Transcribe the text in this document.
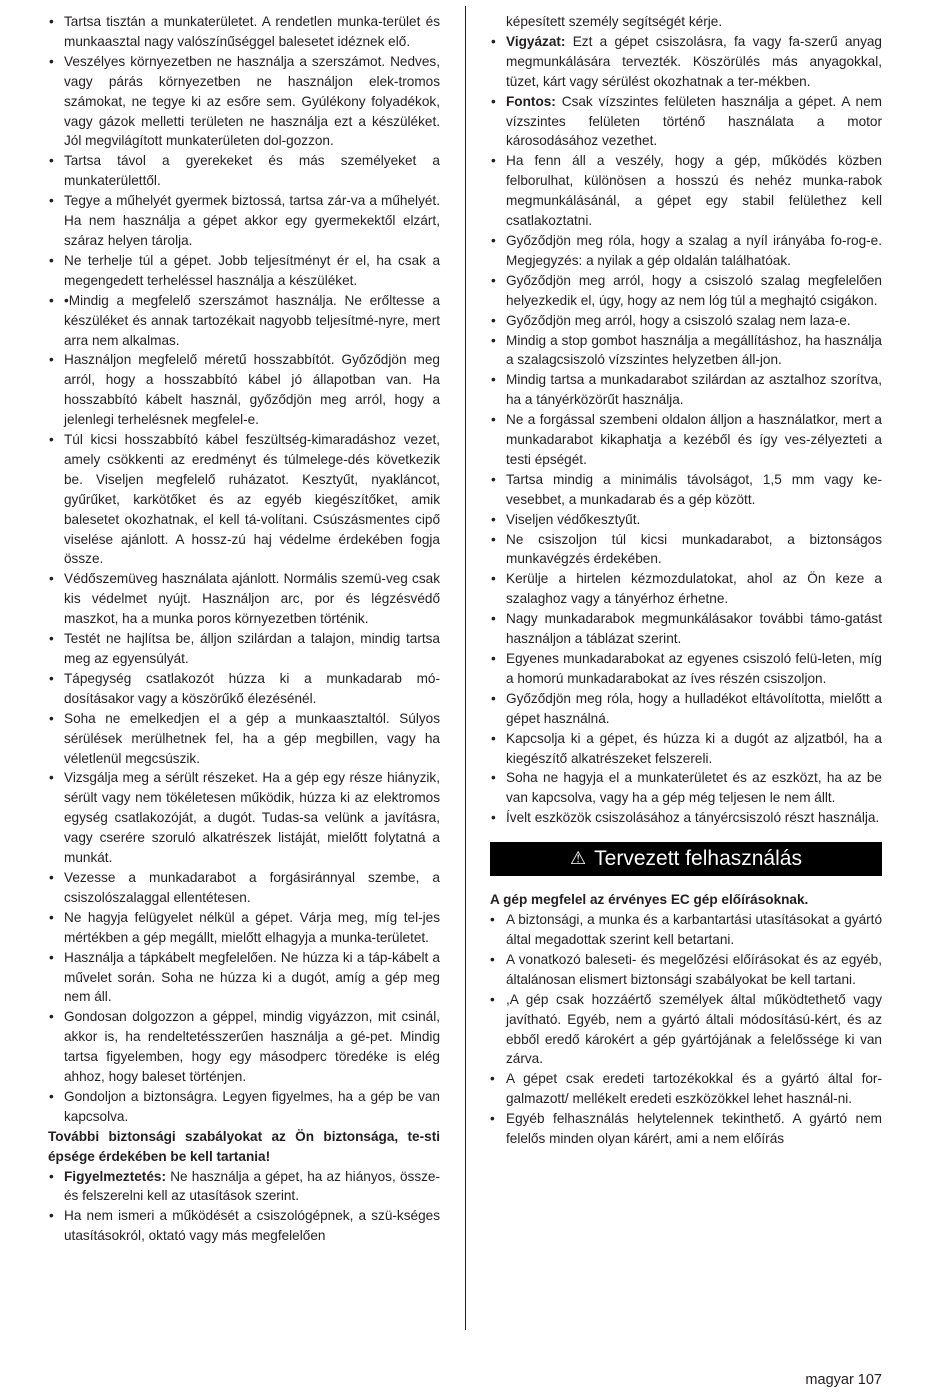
• Tartsa tisztán a munkaterületet. A rendetlen munka-terület és munkaasztal nagy valószínűséggel balesetet idéznek elő.
• Veszélyes környezetben ne használja a szerszámot. Nedves, vagy párás környezetben ne használjon elek-tromos számokat, ne tegye ki az esőre sem. Gyúlékony folyadékok, vagy gázok melletti területen ne használja ezt a készüléket. Jól megvilágított munkaterületen dol-gozzon.
• Tartsa távol a gyerekeket és más személyeket a munkaterülettől.
• Tegye a műhelyét gyermek biztossá, tartsa zár-va a műhelyét. Ha nem használja a gépet akkor egy gyermekektől elzárt, száraz helyen tárolja.
• Ne terhelje túl a gépet. Jobb teljesítményt ér el, ha csak a megengedett terheléssel használja a készüléket.
• •Mindig a megfelelő szerszámot használja. Ne erőltesse a készüléket és annak tartozékait nagyobb teljesítmé-nyre, mert arra nem alkalmas.
• Használjon megfelelő méretű hosszabbítót. Győződjön meg arról, hogy a hosszabbító kábel jó állapotban van. Ha hosszabbító kábelt használ, győződjön meg arról, hogy a jelenlegi terhelésnek megfelel-e.
• Túl kicsi hosszabbító kábel feszültség-kimaradáshoz vezet, amely csökkenti az eredményt és túlmelege-dés következik be. Viseljen megfelelő ruházatot. Kesztyűt, nyakláncot, gyűrűket, karkötőket és az egyéb kiegészítőket, amik balesetet okozhatnak, el kell tá-volítani. Csúszásmentes cipő viselése ajánlott. A hossz-zú haj védelme érdekében fogja össze.
• Védőszemüveg használata ajánlott. Normális szemü-veg csak kis védelmet nyújt. Használjon arc, por és légzésvédő maszkot, ha a munka poros környezetben történik.
• Testét ne hajlítsa be, álljon szilárdan a talajon, mindig tartsa meg az egyensúlyát.
• Tápegység csatlakozót húzza ki a munkadarab mó-dosításakor vagy a köszörűkő élezésénél.
• Soha ne emelkedjen el a gép a munkaasztaltól. Súlyos sérülések merülhetnek fel, ha a gép megbillen, vagy ha véletlenül megcsúszik.
• Vizsgálja meg a sérült részeket. Ha a gép egy része hiányzik, sérült vagy nem tökéletesen működik, húzza ki az elektromos egység csatlakozóját, a dugót. Tudas-sa velünk a javításra, vagy cserére szoruló alkatrészek listáját, mielőtt folytatná a munkát.
• Vezesse a munkadarabot a forgásiránnyal szembe, a csiszolószalaggal ellentétesen.
• Ne hagyja felügyelet nélkül a gépet. Várja meg, míg tel-jes mértékben a gép megállt, mielőtt elhagyja a munka-területet.
• Használja a tápkábelt megfelelően. Ne húzza ki a táp-kábelt a művelet során. Soha ne húzza ki a dugót, amíg a gép meg nem áll.
• Gondosan dolgozzon a géppel, mindig vigyázzon, mit csinál, akkor is, ha rendeltetésszerűen használja a gé-pet. Mindig tartsa figyelemben, hogy egy másodperc töredéke is elég ahhoz, hogy baleset történjen.
• Gondoljon a biztonságra. Legyen figyelmes, ha a gép be van kapcsolva.

További biztonsági szabályokat az Ön biztonsága, te-sti épsége érdekében be kell tartania!

• Figyelmeztetés: Ne használja a gépet, ha az hiányos, össze- és felszerelni kell az utasítások szerint.
• Ha nem ismeri a működését a csiszológépnek, a szü-kséges utasításokról, oktató vagy más megfelelően
képesített személy segítségét kérje.
• Vigyázat: Ezt a gépet csiszolásra, fa vagy fa-szerű anyag megmunkálására tervezték. Köszörülés más anyagokkal, tüzet, kárt vagy sérülést okozhatnak a ter-mékben.
• Fontos: Csak vízszintes felületen használja a gépet. A nem vízszintes felületen történő használata a motor károsodásához vezethet.
• Ha fenn áll a veszély, hogy a gép, működés közben felborulhat, különösen a hosszú és nehéz munka-rabok megmunkálásánál, a gépet egy stabil felülethez kell csatlakoztatni.
• Győződjön meg róla, hogy a szalag a nyíl irányába fo-rog-e. Megjegyzés: a nyilak a gép oldalán találhatóak.
• Győződjön meg arról, hogy a csiszoló szalag megfelelően helyezkedik el, úgy, hogy az nem lóg túl a meghajtó csigákon.
• Győződjön meg arról, hogy a csiszoló szalag nem laza-e.
• Mindig a stop gombot használja a megállításhoz, ha használja a szalagcsiszoló vízszintes helyzetben áll-jon.
• Mindig tartsa a munkadarabot szilárdan az asztalhoz szorítva, ha a tányérközörűt használja.
• Ne a forgással szembeni oldalon álljon a használatkor, mert a munkadarabot kikaphatja a kezéből és így ves-zélyezteti a testi épségét.
• Tartsa mindig a minimális távolságot, 1,5 mm vagy ke-vesebbet, a munkadarab és a gép között.
• Viseljen védőkesztyűt.
• Ne csiszoljon túl kicsi munkadarabot, a biztonságos munkavégzés érdekében.
• Kerülje a hirtelen kézmozdulatokat, ahol az Ön keze a szalaghoz vagy a tányérhoz érhetne.
• Nagy munkadarabok megmunkálásakor további támo-gatást használjon a táblázat szerint.
• Egyenes munkadarabokat az egyenes csiszoló felü-leten, míg a homorú munkadarabokat az íves részén csiszoljon.
• Győződjön meg róla, hogy a hulladékot eltávolította, mielőtt a gépet használná.
• Kapcsolja ki a gépet, és húzza ki a dugót az aljzatból, ha a kiegészítő alkatrészeket felszereli.
• Soha ne hagyja el a munkaterületet és az eszközt, ha az be van kapcsolva, vagy ha a gép még teljesen le nem állt.
• Ívelt eszközök csiszolásához a tányércsiszoló részt használja.
⚠ Tervezett felhasználás

A gép megfelel az érvényes EC gép előírásoknak.

• A biztonsági, a munka és a karbantartási utasításokat a gyártó által megadottak szerint kell betartani.
• A vonatkozó baleseti- és megelőzési előírásokat és az egyéb, általánosan elismert biztonsági szabályokat be kell tartani.
• ,A gép csak hozzáértő személyek által működtethető vagy javítható. Egyéb, nem a gyártó általi módosítású-kért, és az ebből eredő károkért a gép gyártójának a felelőssége ki van zárva.
• A gépet csak eredeti tartozékokkal és a gyártó által for-galmazott/ mellékelt eredeti eszközökkel lehet használ-ni.
• Egyéb felhasználás helytelennek tekinthető. A gyártó nem felelős minden olyan kárért, ami a nem előírás
magyar 107
